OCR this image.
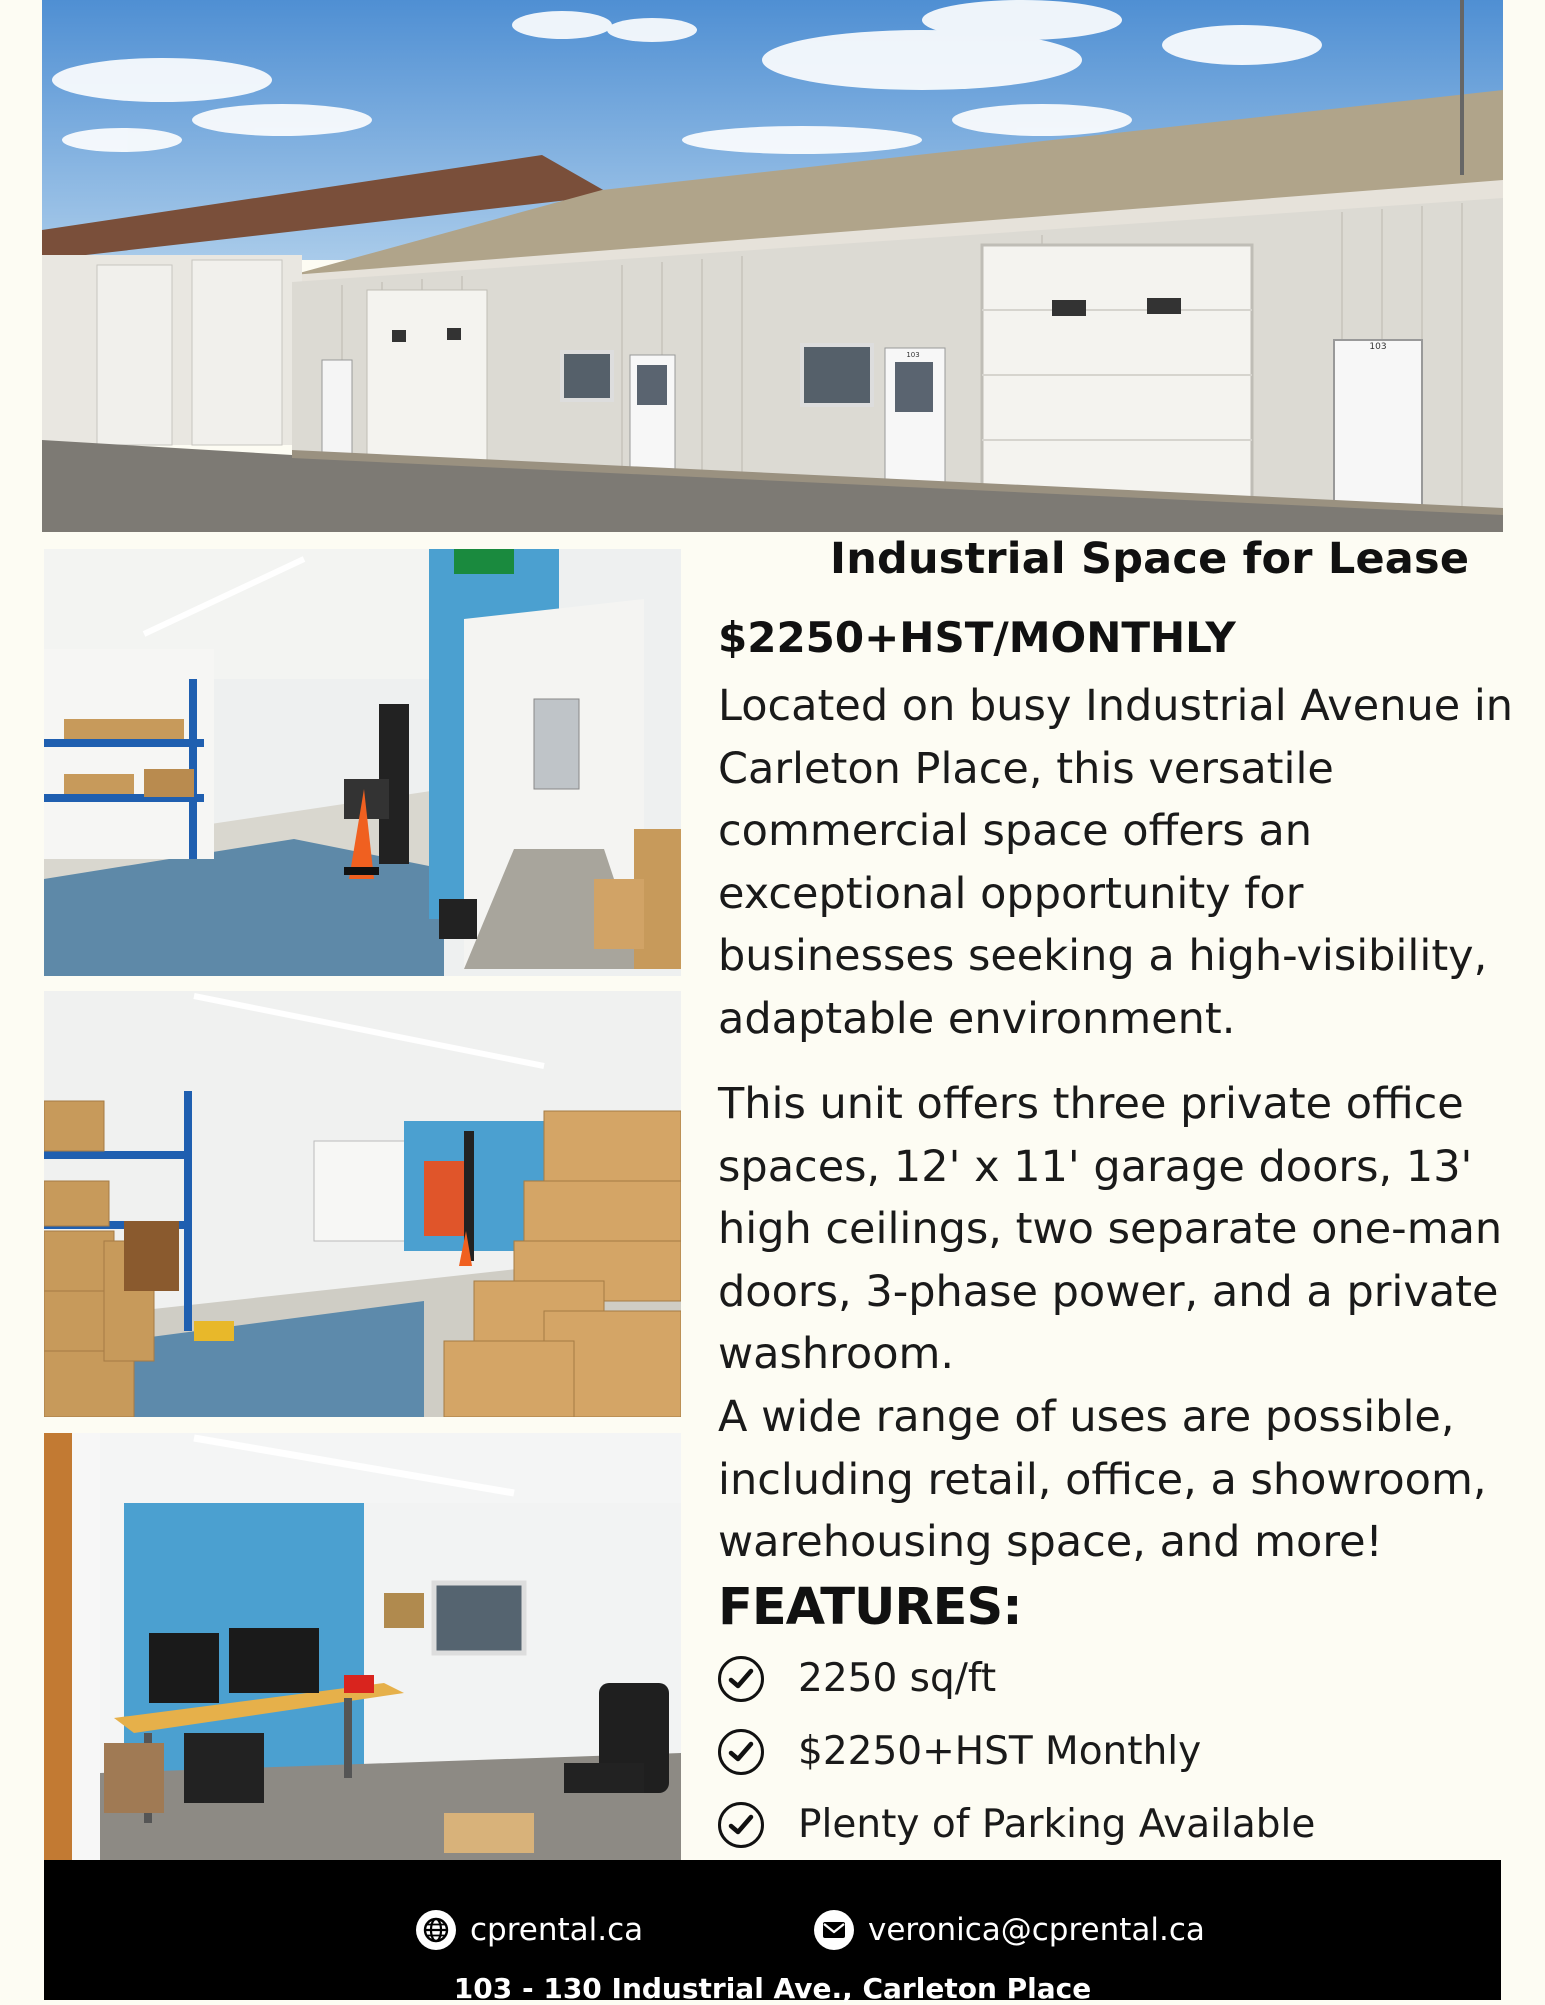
103
103
Industrial Space for Lease
$2250+HST/MONTHLY
Located on busy Industrial Avenue in Carleton Place, this versatile commercial space offers an exceptional opportunity for businesses seeking a high-visibility, adaptable environment.
This unit offers three private office spaces, 12' x 11' garage doors, 13' high ceilings, two separate one-man doors, 3-phase power, and a private washroom.
A wide range of uses are possible, including retail, office, a showroom, warehousing space, and more!
FEATURES:
2250 sq/ft
$2250+HST Monthly
Plenty of Parking Available
cprental.ca	veronica@cprental.ca
103 - 130 Industrial Ave., Carleton Place
